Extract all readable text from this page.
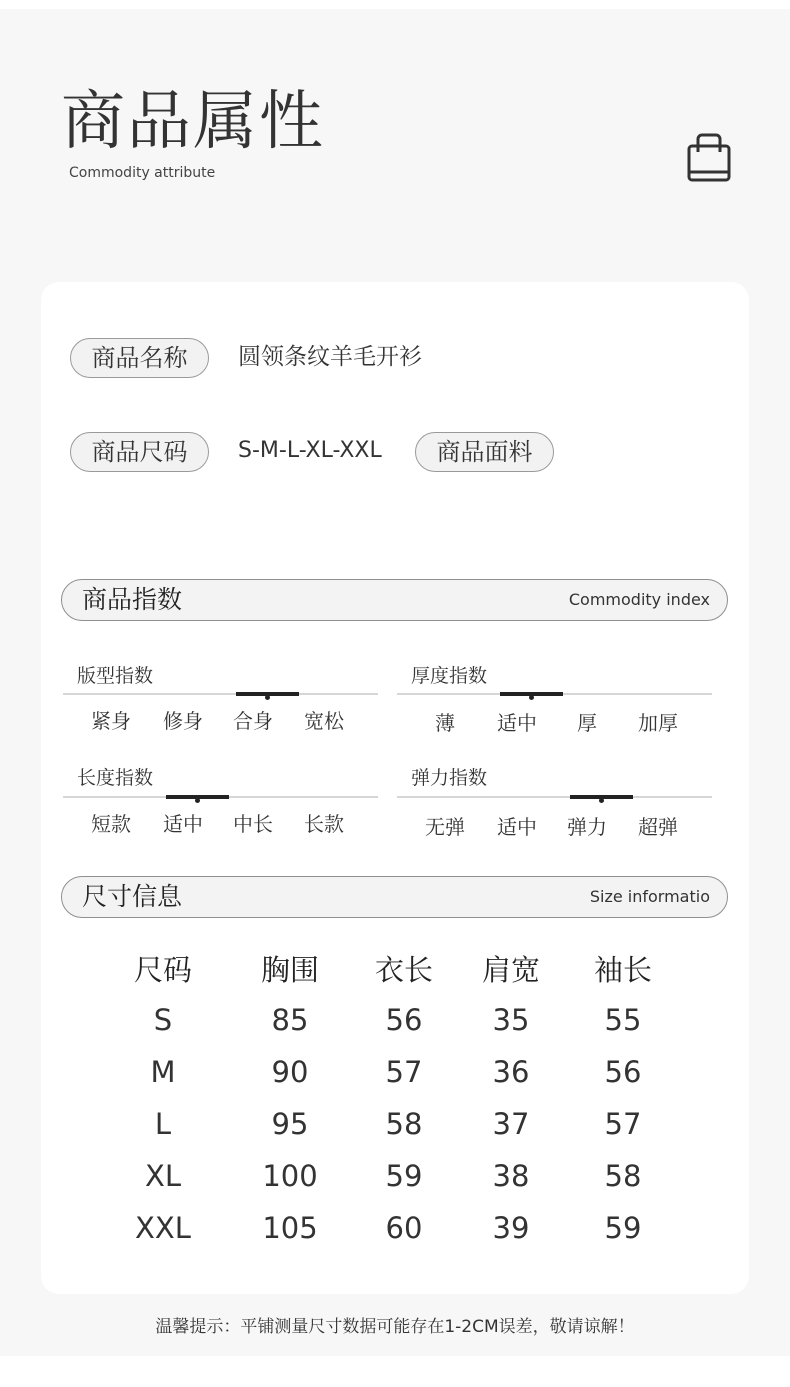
商品属性
Commodity attribute
商品名称	圆领条纹羊毛开衫
商品尺码	S-M-L-XL-XXL	商品面料
商品指数	Commodity index
版型指数
紧身	修身	合身	宽松
厚度指数
薄	适中	厚	加厚
长度指数
短款	适中	中长	长款
弹力指数
无弹	适中	弹力	超弹
尺寸信息	Size informatio
尺码	胸围	衣长	肩宽	袖长
S	85	56	35	55
M	90	57	36	56
L	95	58	37	57
XL	100	59	38	58
XXL	105	60	39	59
温馨提示：平铺测量尺寸数据可能存在1-2CM误差，敬请谅解！
